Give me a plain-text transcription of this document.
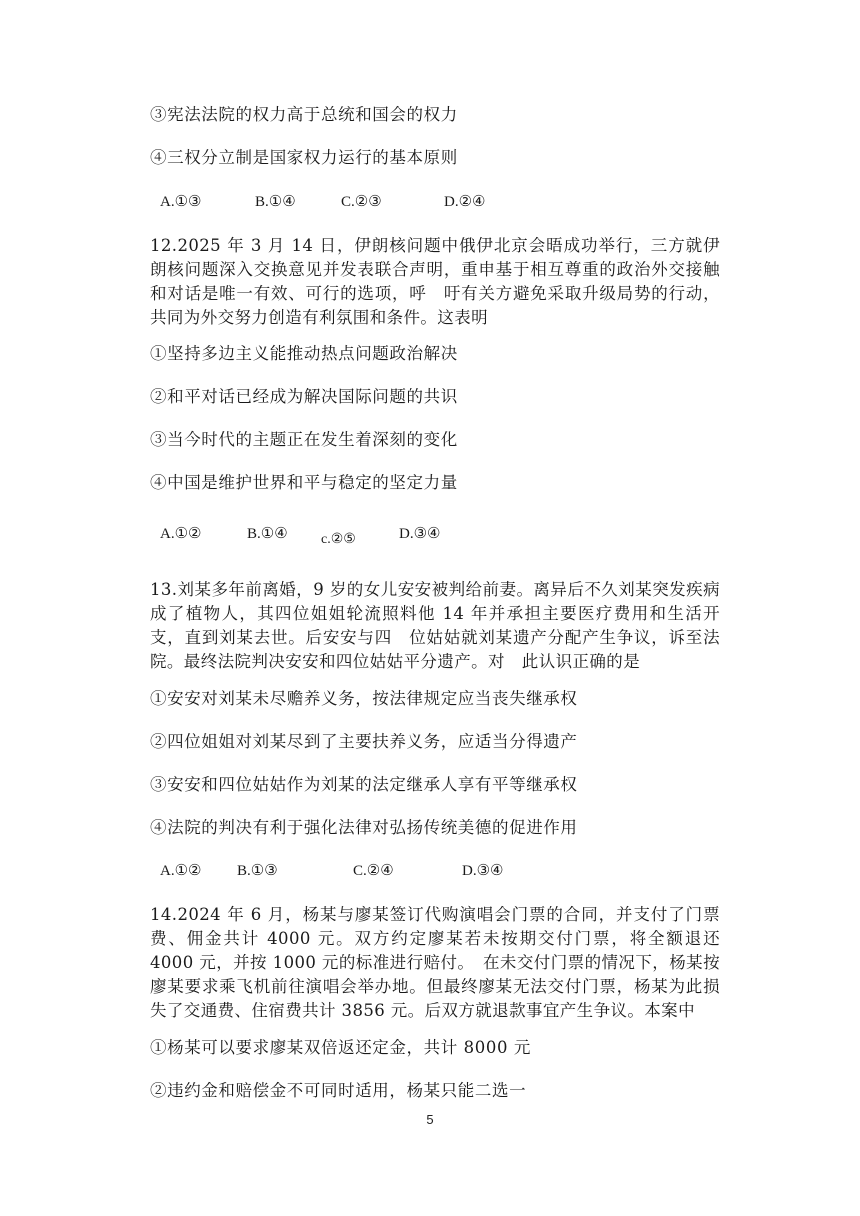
③宪法法院的权力高于总统和国会的权力
④三权分立制是国家权力运行的基本原则
A.①③	B.①④	C.②③	D.②④
12.2025 年 3 月 14 日，伊朗核问题中俄伊北京会晤成功举行，三方就伊朗核问题深入交换意见并发表联合声明，重申基于相互尊重的政治外交接触和对话是唯一有效、可行的选项，呼　吁有关方避免采取升级局势的行动，共同为外交努力创造有利氛围和条件。这表明
①坚持多边主义能推动热点问题政治解决
②和平对话已经成为解决国际问题的共识
③当今时代的主题正在发生着深刻的变化
④中国是维护世界和平与稳定的坚定力量
A.①②	B.①④ c.②⑤	D.③④
13.刘某多年前离婚，9 岁的女儿安安被判给前妻。离异后不久刘某突发疾病成了植物人，其四位姐姐轮流照料他 14 年并承担主要医疗费用和生活开支，直到刘某去世。后安安与四　位姑姑就刘某遗产分配产生争议，诉至法院。最终法院判决安安和四位姑姑平分遗产。对　此认识正确的是
①安安对刘某未尽赡养义务，按法律规定应当丧失继承权
②四位姐姐对刘某尽到了主要扶养义务，应适当分得遗产
③安安和四位姑姑作为刘某的法定继承人享有平等继承权
④法院的判决有利于强化法律对弘扬传统美德的促进作用
A.①② B.①③	C.②④	D.③④
14.2024 年 6 月，杨某与廖某签订代购演唱会门票的合同，并支付了门票费、佣金共计 4000 元。双方约定廖某若未按期交付门票，将全额退还 4000 元，并按 1000 元的标准进行赔付。　在未交付门票的情况下，杨某按廖某要求乘飞机前往演唱会举办地。但最终廖某无法交付门票，杨某为此损失了交通费、住宿费共计 3856 元。后双方就退款事宜产生争议。本案中
①杨某可以要求廖某双倍返还定金，共计 8000 元
②违约金和赔偿金不可同时适用，杨某只能二选一
5
